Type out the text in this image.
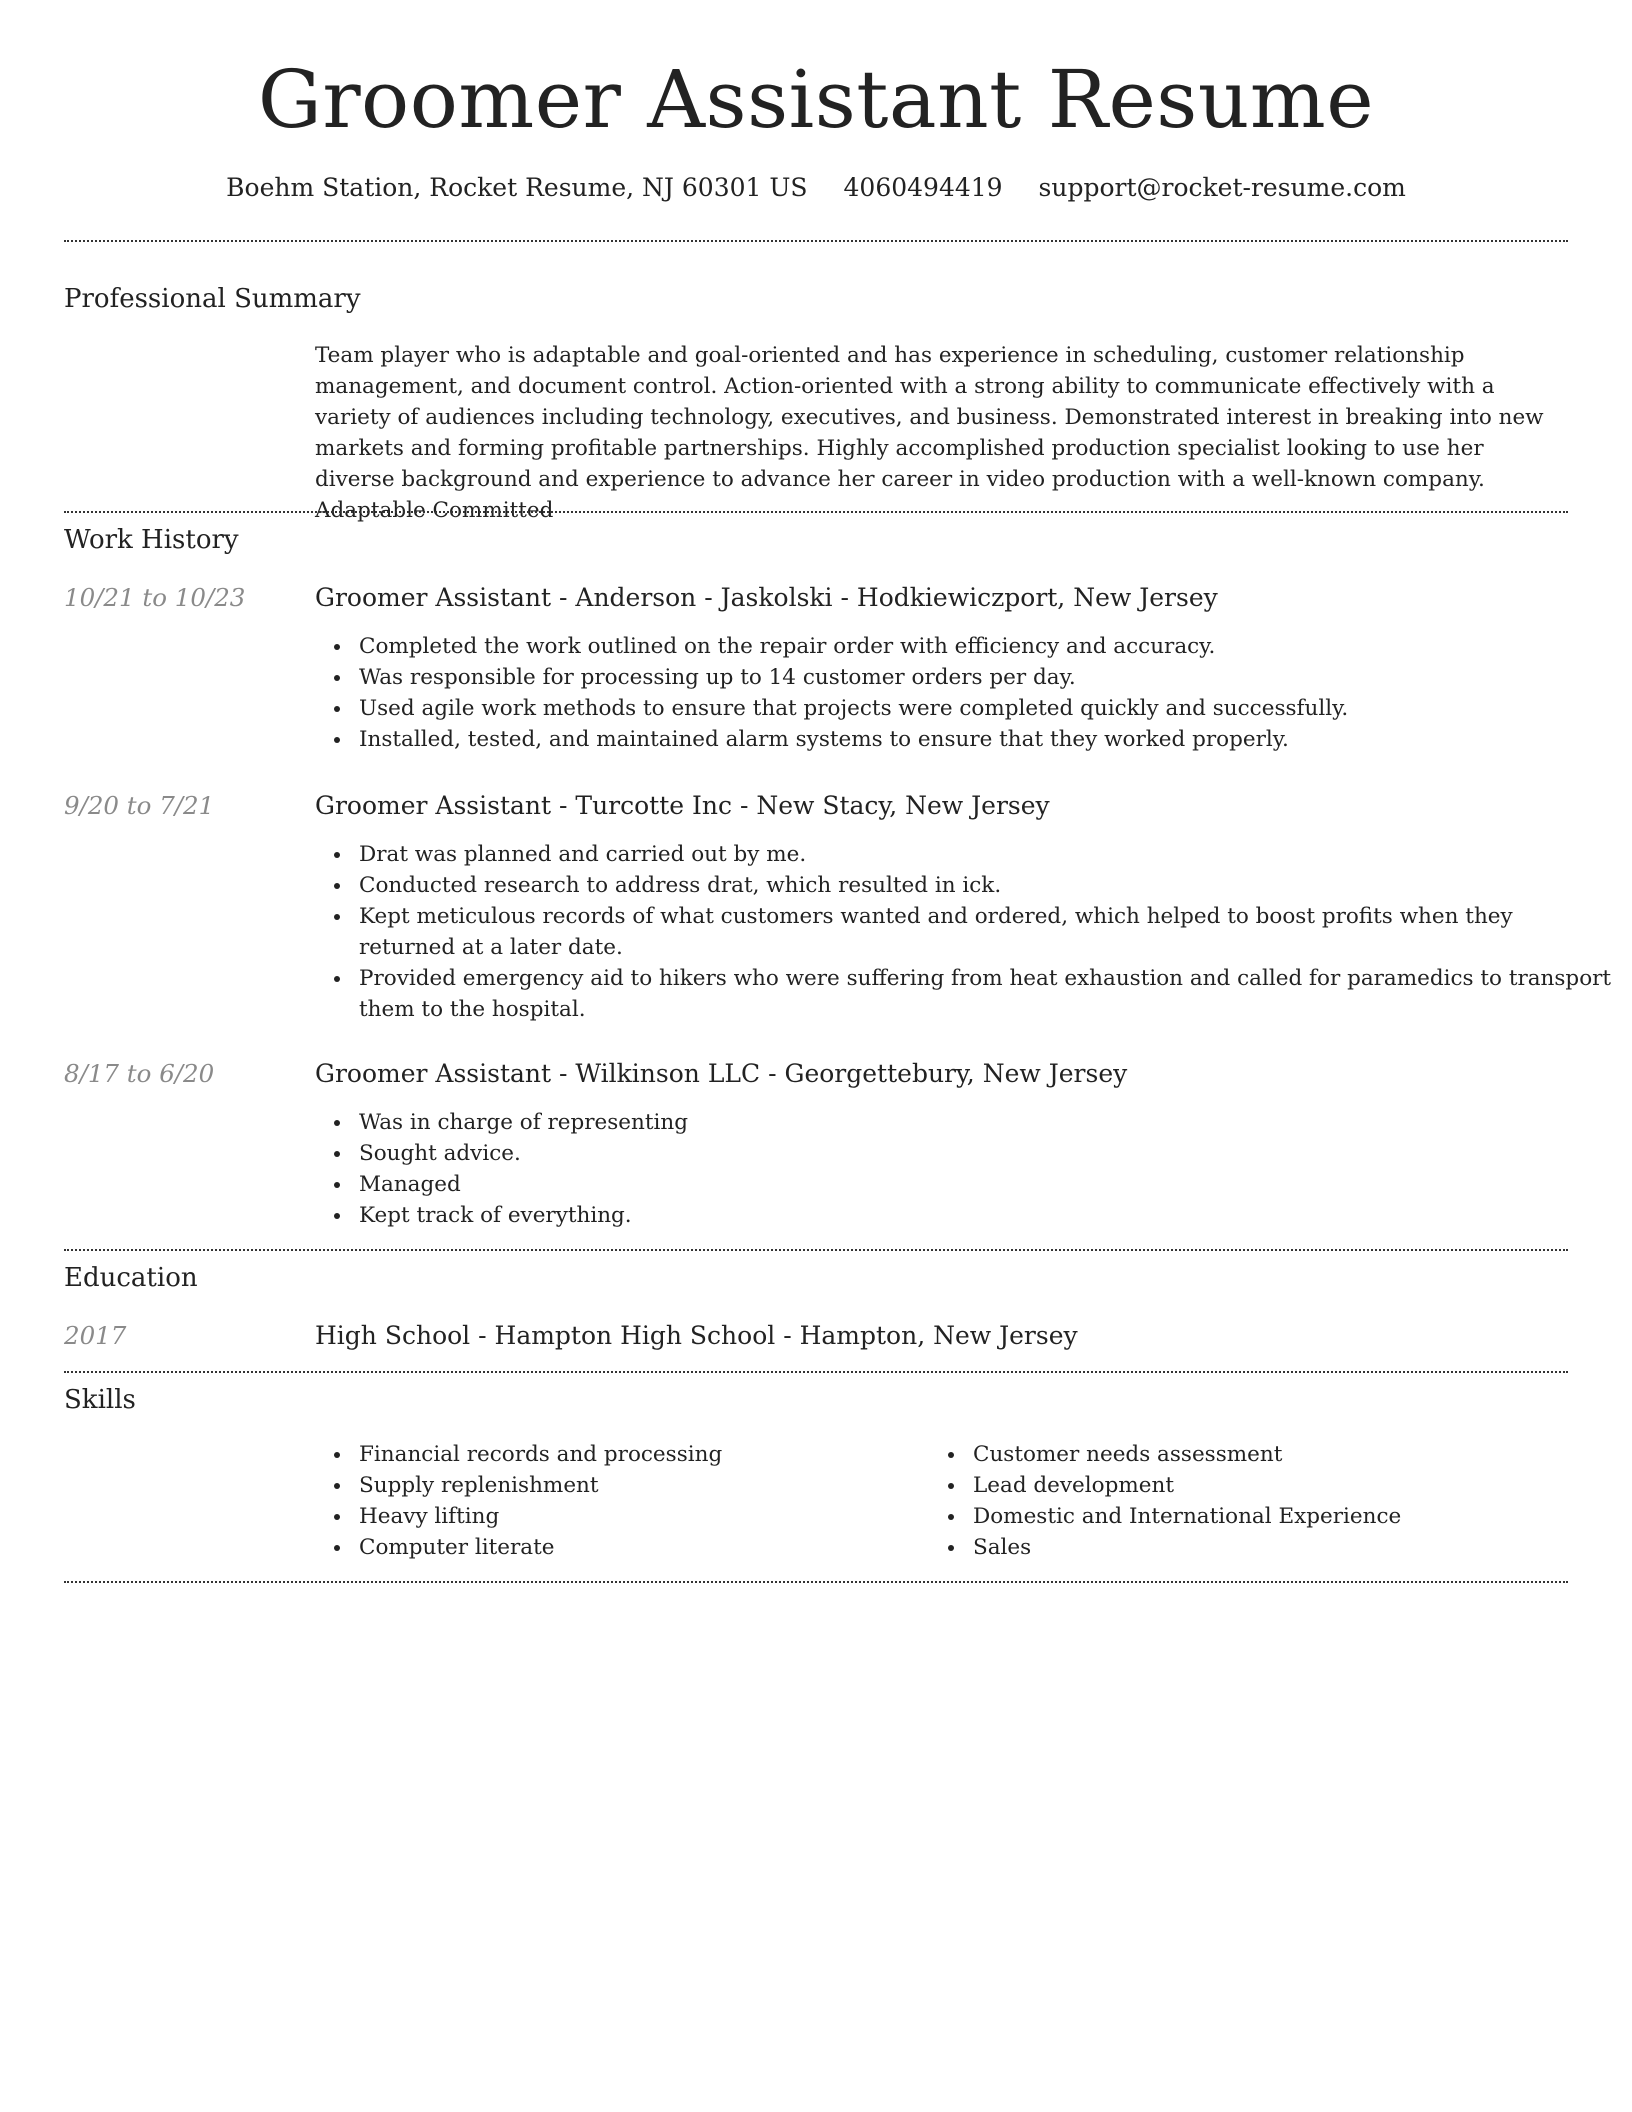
Groomer Assistant Resume
Boehm Station, Rocket Resume, NJ 60301 US 4060494419 support@rocket-resume.com
Professional Summary

Team player who is adaptable and goal-oriented and has experience in scheduling, customer relationship management, and document control. Action-oriented with a strong ability to communicate effectively with a variety of audiences including technology, executives, and business. Demonstrated interest in breaking into new markets and forming profitable partnerships. Highly accomplished production specialist looking to use her diverse background and experience to advance her career in video production with a well-known company. Adaptable Committed

Work History
10/21 to 10/23	Groomer Assistant - Anderson - Jaskolski - Hodkiewiczport, New Jersey
Completed the work outlined on the repair order with efficiency and accuracy.
Was responsible for processing up to 14 customer orders per day.
Used agile work methods to ensure that projects were completed quickly and successfully.
Installed, tested, and maintained alarm systems to ensure that they worked properly.
9/20 to 7/21	Groomer Assistant - Turcotte Inc - New Stacy, New Jersey
Drat was planned and carried out by me.
Conducted research to address drat, which resulted in ick.
Kept meticulous records of what customers wanted and ordered, which helped to boost profits when they returned at a later date.
Provided emergency aid to hikers who were suffering from heat exhaustion and called for paramedics to transport them to the hospital.
8/17 to 6/20	Groomer Assistant - Wilkinson LLC - Georgettebury, New Jersey
Was in charge of representing
Sought advice.
Managed
Kept track of everything.
Education
2017	High School - Hampton High School - Hampton, New Jersey
Skills
Financial records and processing
Supply replenishment
Heavy lifting
Computer literate
Customer needs assessment
Lead development
Domestic and International Experience
Sales
